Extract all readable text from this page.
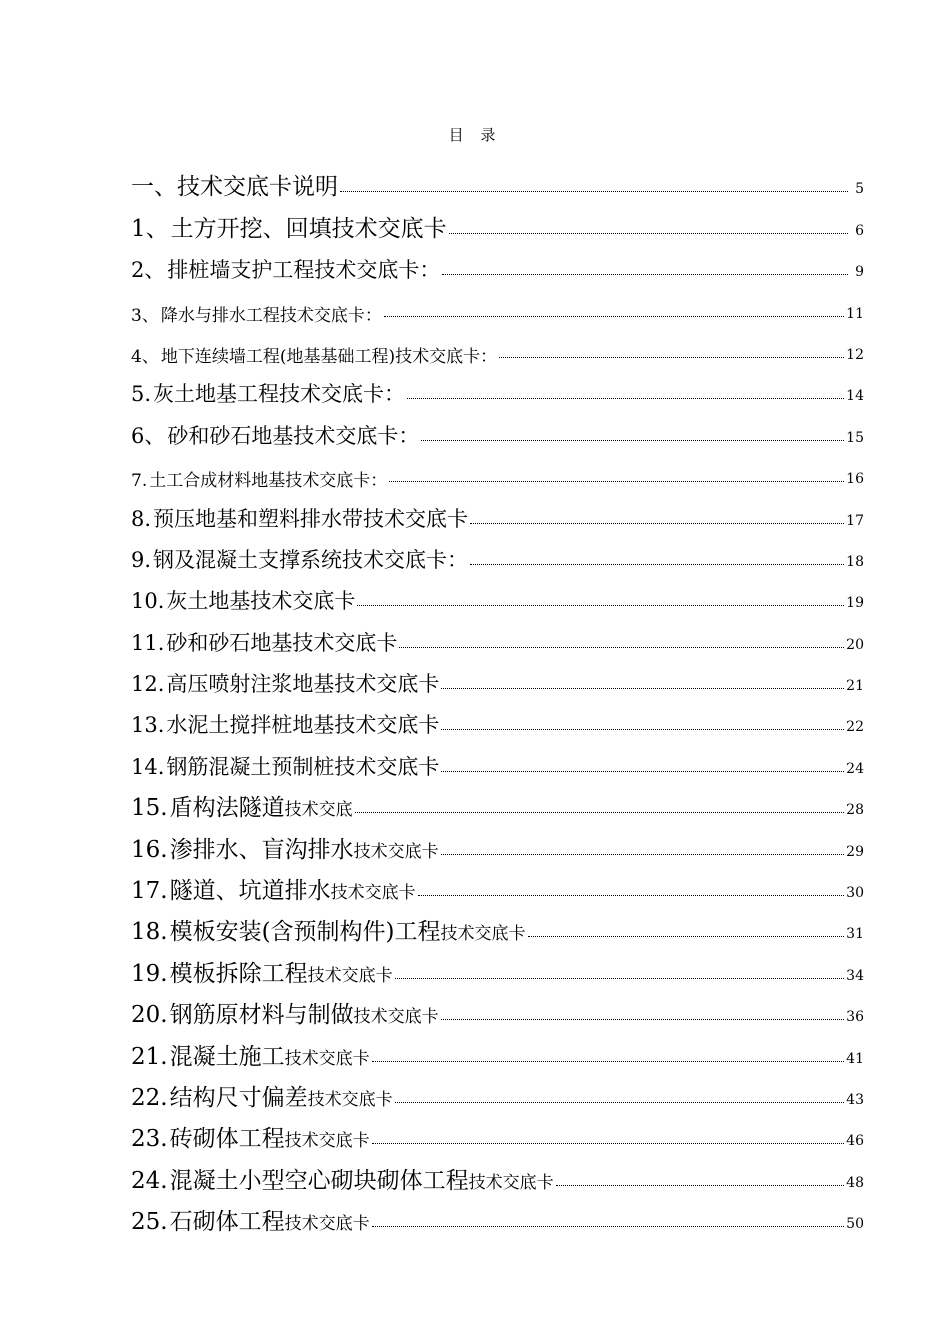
目 录
一、技术交底卡说明	5
1、 土方开挖、回填技术交底卡	6
2、 排桩墙支护工程技术交底卡：	9
3、 降水与排水工程技术交底卡：	11
4、 地下连续墙工程(地基基础工程)技术交底卡：	12
5. 灰土地基工程技术交底卡：	14
6、 砂和砂石地基技术交底卡：	15
7. 土工合成材料地基技术交底卡：	16
8. 预压地基和塑料排水带技术交底卡	17
9. 钢及混凝土支撑系统技术交底卡：	18
10. 灰土地基技术交底卡	19
11. 砂和砂石地基技术交底卡	20
12. 高压喷射注浆地基技术交底卡	21
13. 水泥土搅拌桩地基技术交底卡	22
14. 钢筋混凝土预制桩技术交底卡	24
15. 盾构法隧道 技术交底	28
16. 渗排水、盲沟排水 技术交底卡	29
17. 隧道、坑道排水 技术交底卡	30
18. 模板安装(含预制构件)工程 技术交底卡	31
19. 模板拆除工程 技术交底卡	34
20. 钢筋原材料与制做 技术交底卡	36
21. 混凝土施工 技术交底卡	41
22. 结构尺寸偏差 技术交底卡	43
23. 砖砌体工程 技术交底卡	46
24. 混凝土小型空心砌块砌体工程 技术交底卡	48
25. 石砌体工程 技术交底卡	50
